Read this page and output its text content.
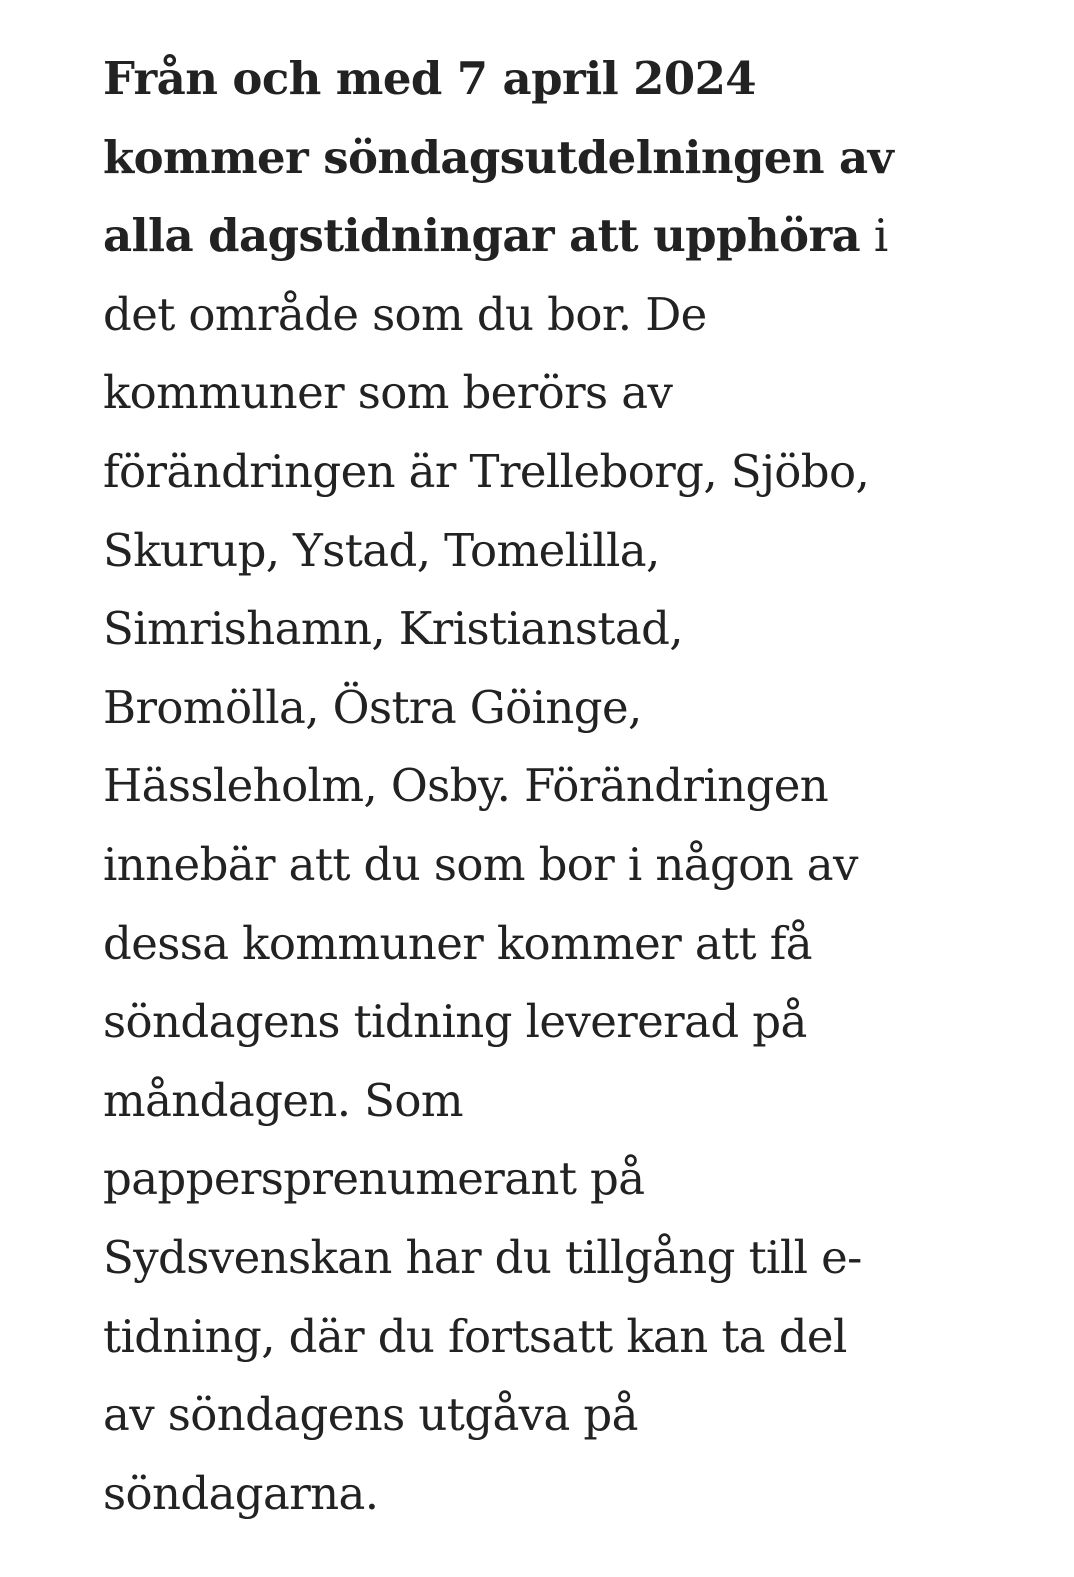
Från och med 7 april 2024
kommer söndagsutdelningen av
alla dagstidningar att upphöra i
det område som du bor. De
kommuner som berörs av
förändringen är Trelleborg, Sjöbo,
Skurup, Ystad, Tomelilla,
Simrishamn, Kristianstad,
Bromölla, Östra Göinge,
Hässleholm, Osby. Förändringen
innebär att du som bor i någon av
dessa kommuner kommer att få
söndagens tidning levererad på
måndagen. Som
pappersprenumerant på
Sydsvenskan har du tillgång till e-
tidning, där du fortsatt kan ta del
av söndagens utgåva på
söndagarna.
